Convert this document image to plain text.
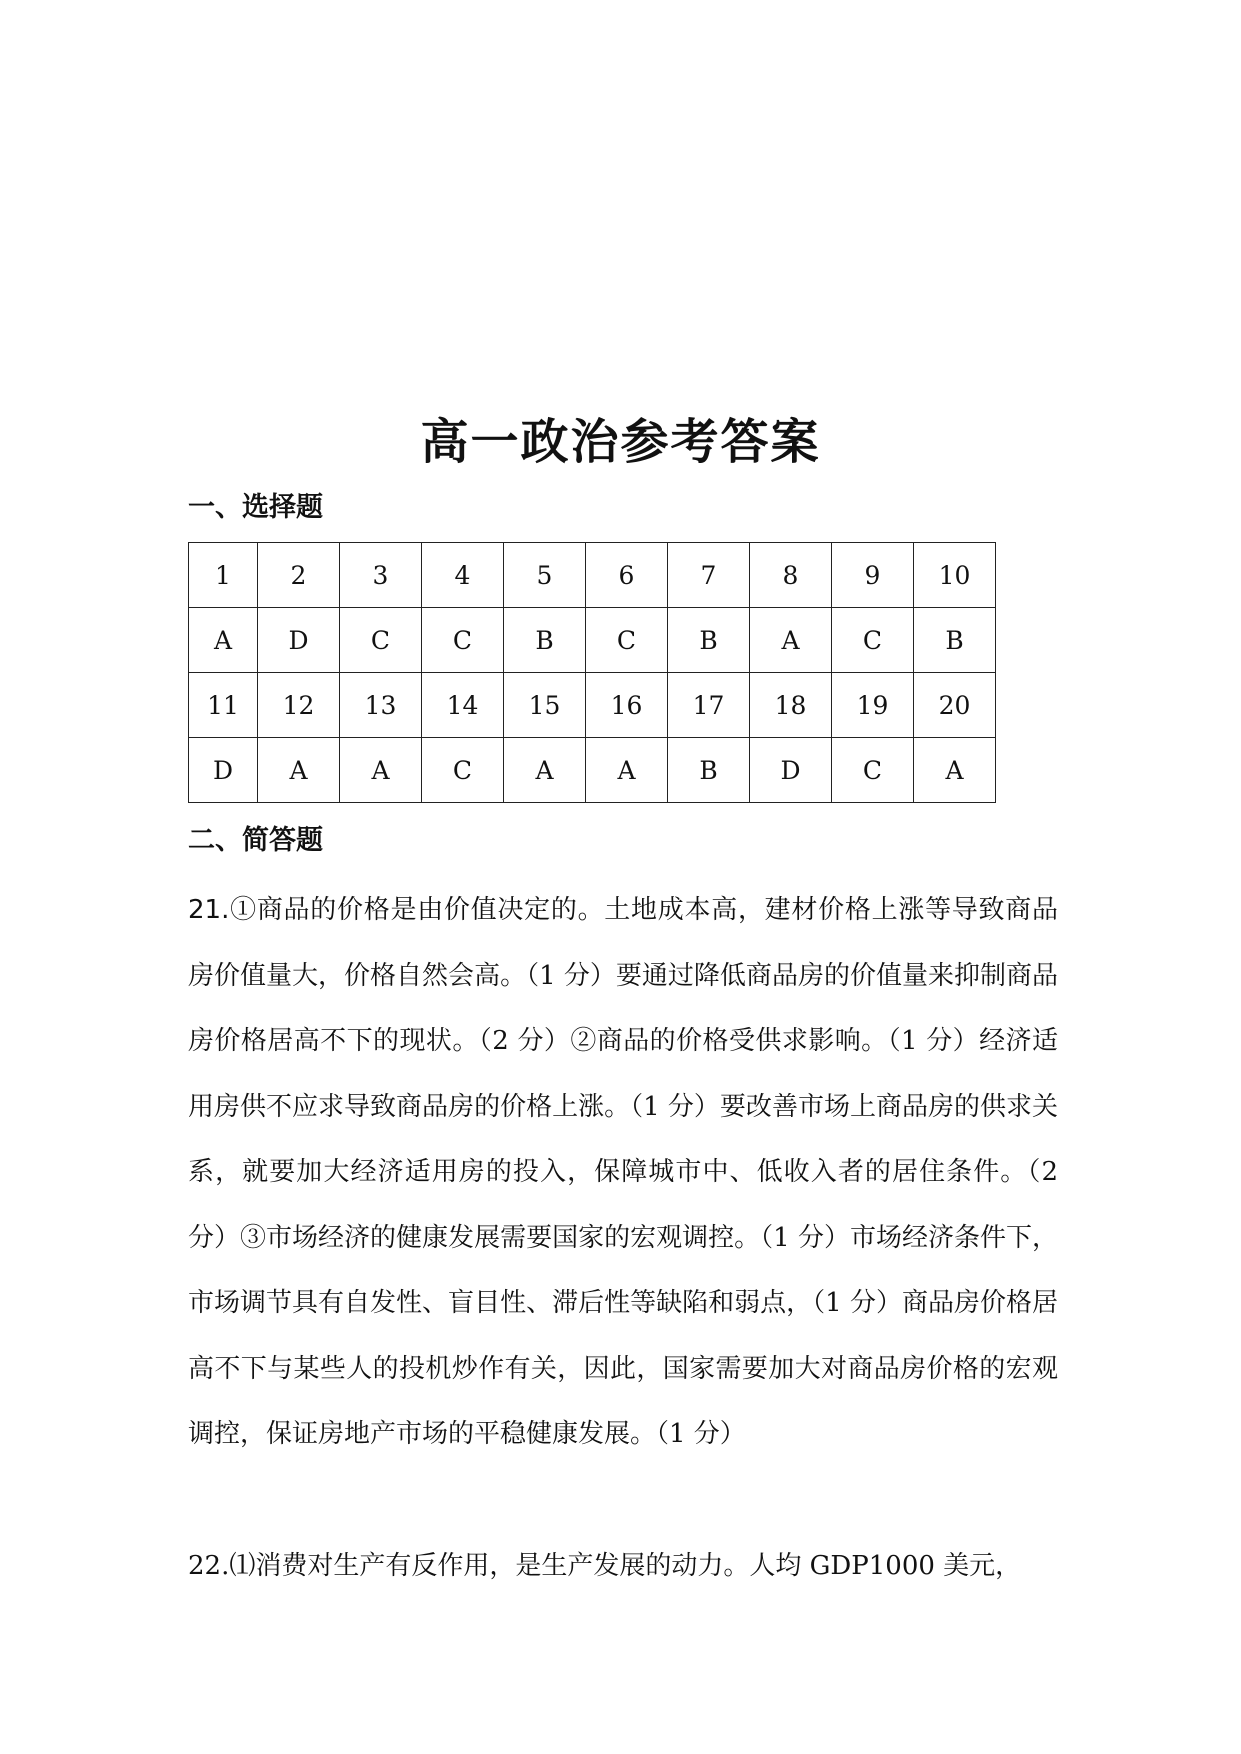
高一政治参考答案
一、选择题
1	2	3	4	5	6	7	8	9	10
A	D	C	C	B	C	B	A	C	B
11	12	13	14	15	16	17	18	19	20
D	A	A	C	A	A	B	D	C	A
二、简答题
21.①商品的价格是由价值决定的。土地成本高，建材价格上涨等导致商品房价值量大，价格自然会高。（1 分）要通过降低商品房的价值量来抑制商品房价格居高不下的现状。（2 分）②商品的价格受供求影响。（1 分）经济适用房供不应求导致商品房的价格上涨。（1 分）要改善市场上商品房的供求关系，就要加大经济适用房的投入，保障城市中、低收入者的居住条件。（2 分）③市场经济的健康发展需要国家的宏观调控。（1 分）市场经济条件下，市场调节具有自发性、盲目性、滞后性等缺陷和弱点，（1 分）商品房价格居高不下与某些人的投机炒作有关，因此，国家需要加大对商品房价格的宏观调控，保证房地产市场的平稳健康发展。（1 分）
22.⑴消费对生产有反作用，是生产发展的动力。人均 GDP1000 美元，
